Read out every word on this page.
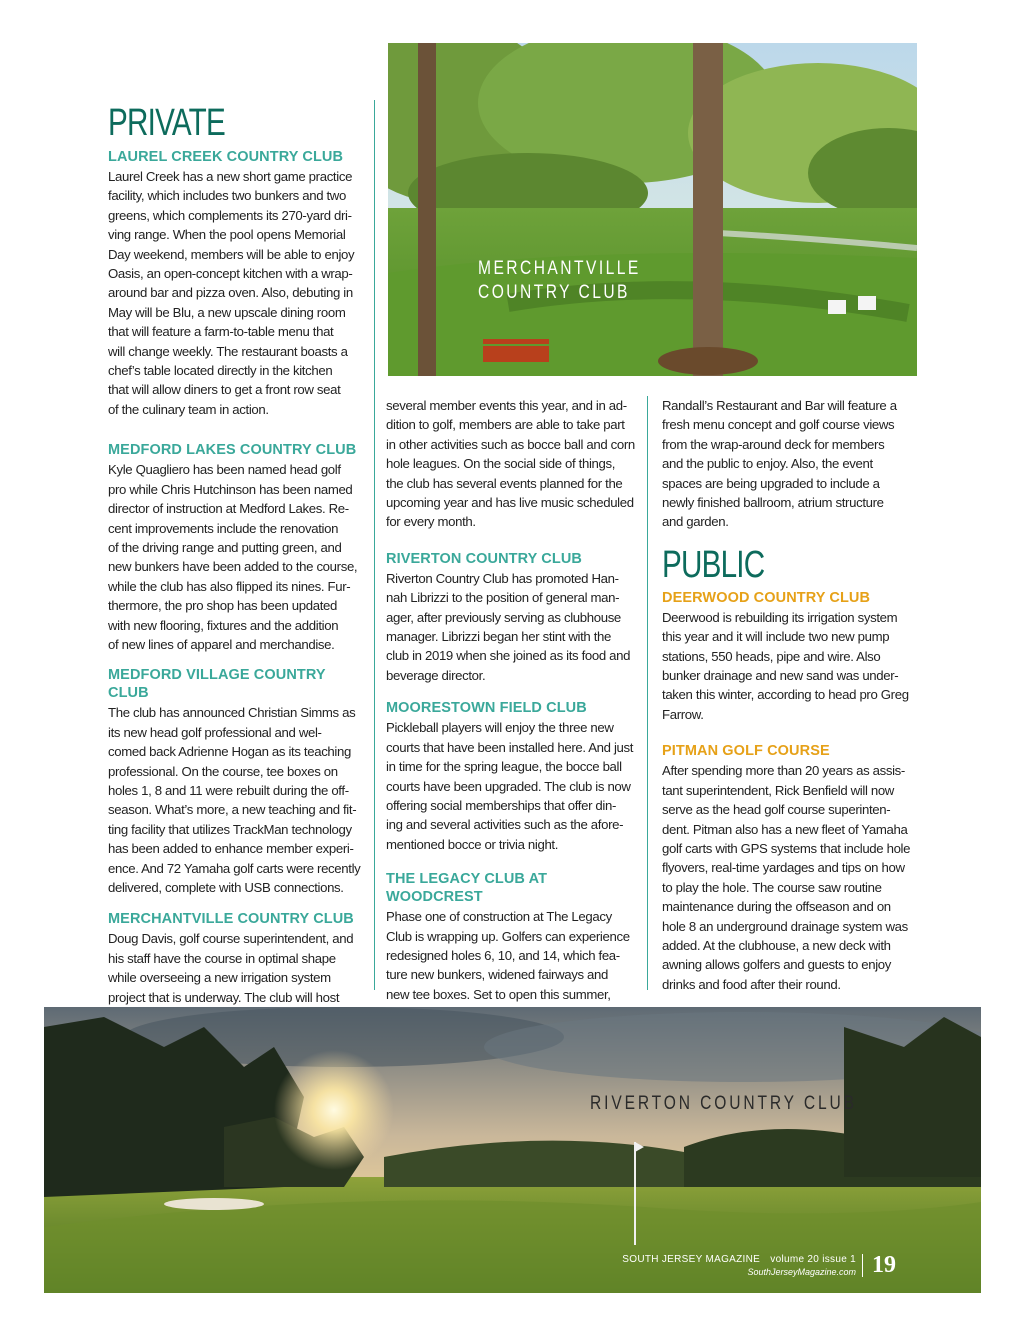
PRIVATE
LAUREL CREEK COUNTRY CLUB

Laurel Creek has a new short game practice

facility, which includes two bunkers and two

greens, which complements its 270-yard dri-

ving range. When the pool opens Memorial

Day weekend, members will be able to enjoy

Oasis, an open-concept kitchen with a wrap-

around bar and pizza oven. Also, debuting in

May will be Blu, a new upscale dining room

that will feature a farm-to-table menu that

will change weekly. The restaurant boasts a

chef’s table located directly in the kitchen

that will allow diners to get a front row seat

of the culinary team in action.

MEDFORD LAKES COUNTRY CLUB

Kyle Quagliero has been named head golf

pro while Chris Hutchinson has been named

director of instruction at Medford Lakes. Re-

cent improvements include the renovation

of the driving range and putting green, and

new bunkers have been added to the course,

while the club has also flipped its nines. Fur-

thermore, the pro shop has been updated

with new flooring, fixtures and the addition

of new lines of apparel and merchandise.

MEDFORD VILLAGE COUNTRY CLUB

The club has announced Christian Simms as

its new head golf professional and wel-

comed back Adrienne Hogan as its teaching

professional. On the course, tee boxes on

holes 1, 8 and 11 were rebuilt during the off-

season. What’s more, a new teaching and fit-

ting facility that utilizes TrackMan technology

has been added to enhance member experi-

ence. And 72 Yamaha golf carts were recently

delivered, complete with USB connections.

MERCHANTVILLE COUNTRY CLUB

Doug Davis, golf course superintendent, and

his staff have the course in optimal shape

while overseeing a new irrigation system

project that is underway. The club will host

several member events this year, and in ad-

dition to golf, members are able to take part

in other activities such as bocce ball and corn

hole leagues. On the social side of things,

the club has several events planned for the

upcoming year and has live music scheduled

for every month.

RIVERTON COUNTRY CLUB

Riverton Country Club has promoted Han-

nah Librizzi to the position of general man-

ager, after previously serving as clubhouse

manager. Librizzi began her stint with the

club in 2019 when she joined as its food and

beverage director.

MOORESTOWN FIELD CLUB

Pickleball players will enjoy the three new

courts that have been installed here. And just

in time for the spring league, the bocce ball

courts have been upgraded. The club is now

offering social memberships that offer din-

ing and several activities such as the afore-

mentioned bocce or trivia night.

THE LEGACY CLUB AT WOODCREST

Phase one of construction at The Legacy

Club is wrapping up. Golfers can experience

redesigned holes 6, 10, and 14, which fea-

ture new bunkers, widened fairways and

new tee boxes. Set to open this summer,

Randall’s Restaurant and Bar will feature a

fresh menu concept and golf course views

from the wrap-around deck for members

and the public to enjoy. Also, the event

spaces are being upgraded to include a

newly finished ballroom, atrium structure

and garden.

PUBLIC
DEERWOOD COUNTRY CLUB

Deerwood is rebuilding its irrigation system

this year and it will include two new pump

stations, 550 heads, pipe and wire. Also

bunker drainage and new sand was under-

taken this winter, according to head pro Greg

Farrow.

PITMAN GOLF COURSE

After spending more than 20 years as assis-

tant superintendent, Rick Benfield will now

serve as the head golf course superinten-

dent. Pitman also has a new fleet of Yamaha

golf carts with GPS systems that include hole

flyovers, real-time yardages and tips on how

to play the hole. The course saw routine

maintenance during the offseason and on

hole 8 an underground drainage system was

added. At the clubhouse, a new deck with

awning allows golfers and guests to enjoy

drinks and food after their round.

MERCHANTVILLE
COUNTRY CLUB
RIVERTON COUNTRY CLUB
SOUTH JERSEY MAGAZINE volume 20 issue 1
SouthJerseyMagazine.com 19
